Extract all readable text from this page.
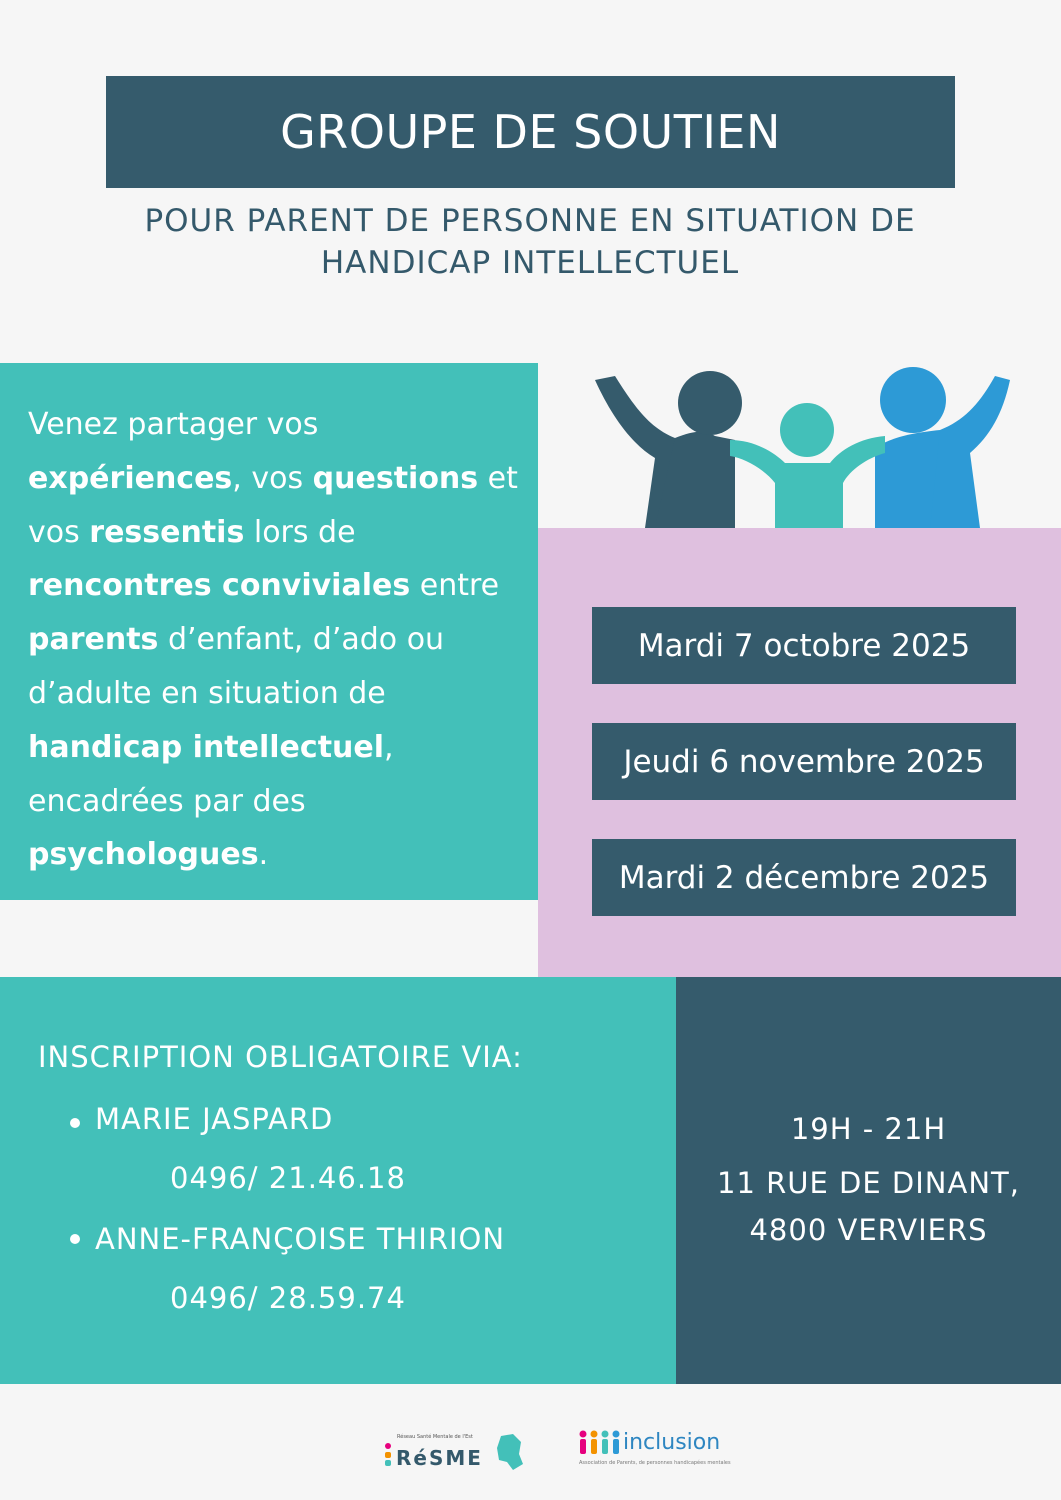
GROUPE DE SOUTIEN
POUR PARENT DE PERSONNE EN SITUATION DE
HANDICAP INTELLECTUEL
Venez partager vos expériences, vos questions et vos ressentis lors de rencontres conviviales entre parents d’enfant, d’ado ou d’adulte en situation de handicap intellectuel, encadrées par des psychologues.
Mardi 7 octobre 2025
Jeudi 6 novembre 2025
Mardi 2 décembre 2025
INSCRIPTION OBLIGATOIRE VIA:
MARIE JASPARD
0496/ 21.46.18
ANNE-FRANÇOISE THIRION
0496/ 28.59.74
19H - 21H
11 RUE DE DINANT,
4800 VERVIERS
Réseau Santé Mentale de l'Est
RéSME
inclusion
Association de Parents, de personnes handicapées mentales
